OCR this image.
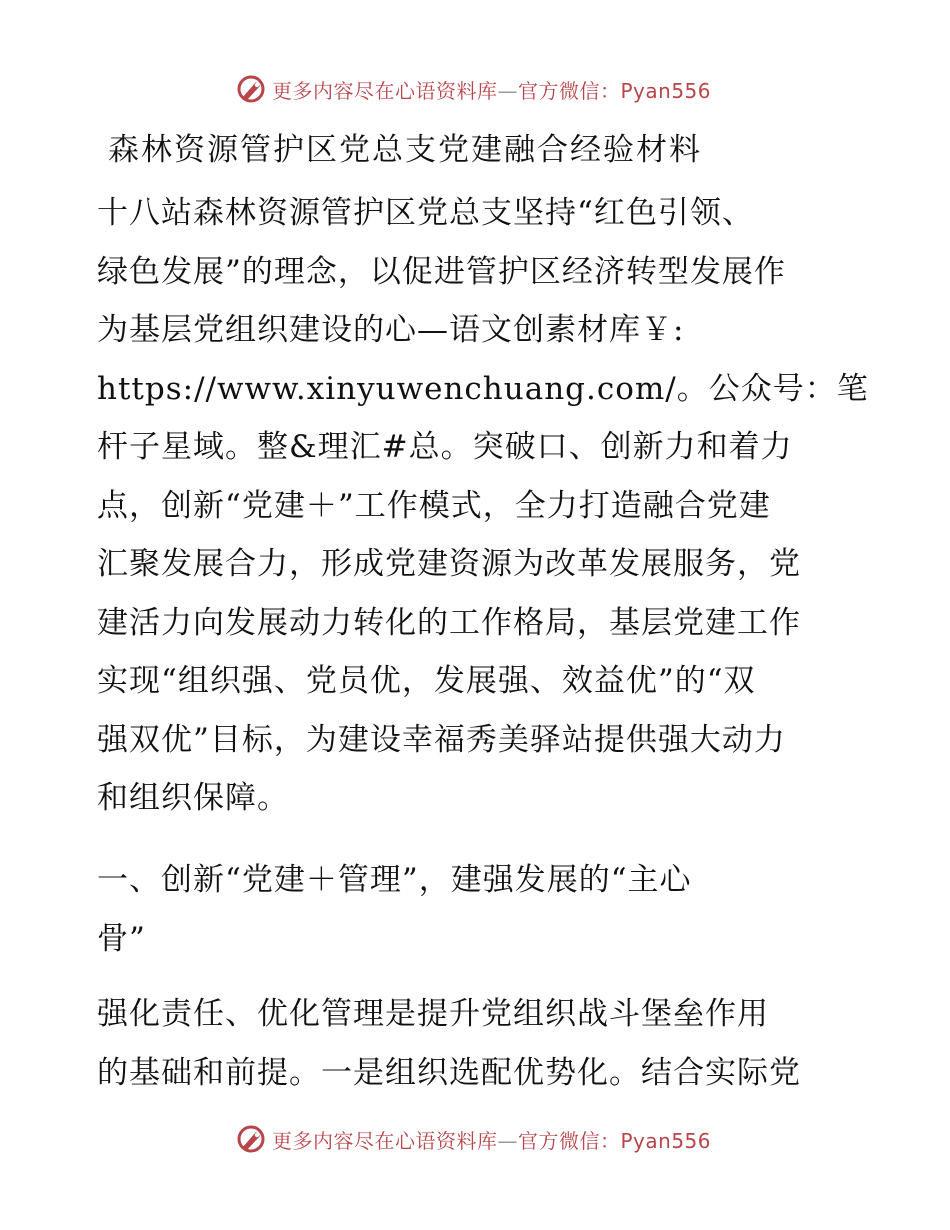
更多内容尽在心语资料库—官方微信：Pyan556
森林资源管护区党总支党建融合经验材料
十八站森林资源管护区党总支坚持“红色引领、
绿色发展”的理念，以促进管护区经济转型发展作
为基层党组织建设的心—语文创素材库￥:
https://www.xinyuwenchuang.com/。公众号：笔
杆子星域。整&理汇#总。突破口、创新力和着力
点，创新“党建＋”工作模式，全力打造融合党建
汇聚发展合力，形成党建资源为改革发展服务，党
建活力向发展动力转化的工作格局，基层党建工作
实现“组织强、党员优，发展强、效益优”的“双
强双优”目标，为建设幸福秀美驿站提供强大动力
和组织保障。
一、创新“党建＋管理”，建强发展的“主心
骨”
强化责任、优化管理是提升党组织战斗堡垒作用
的基础和前提。一是组织选配优势化。结合实际党
更多内容尽在心语资料库—官方微信：Pyan556
